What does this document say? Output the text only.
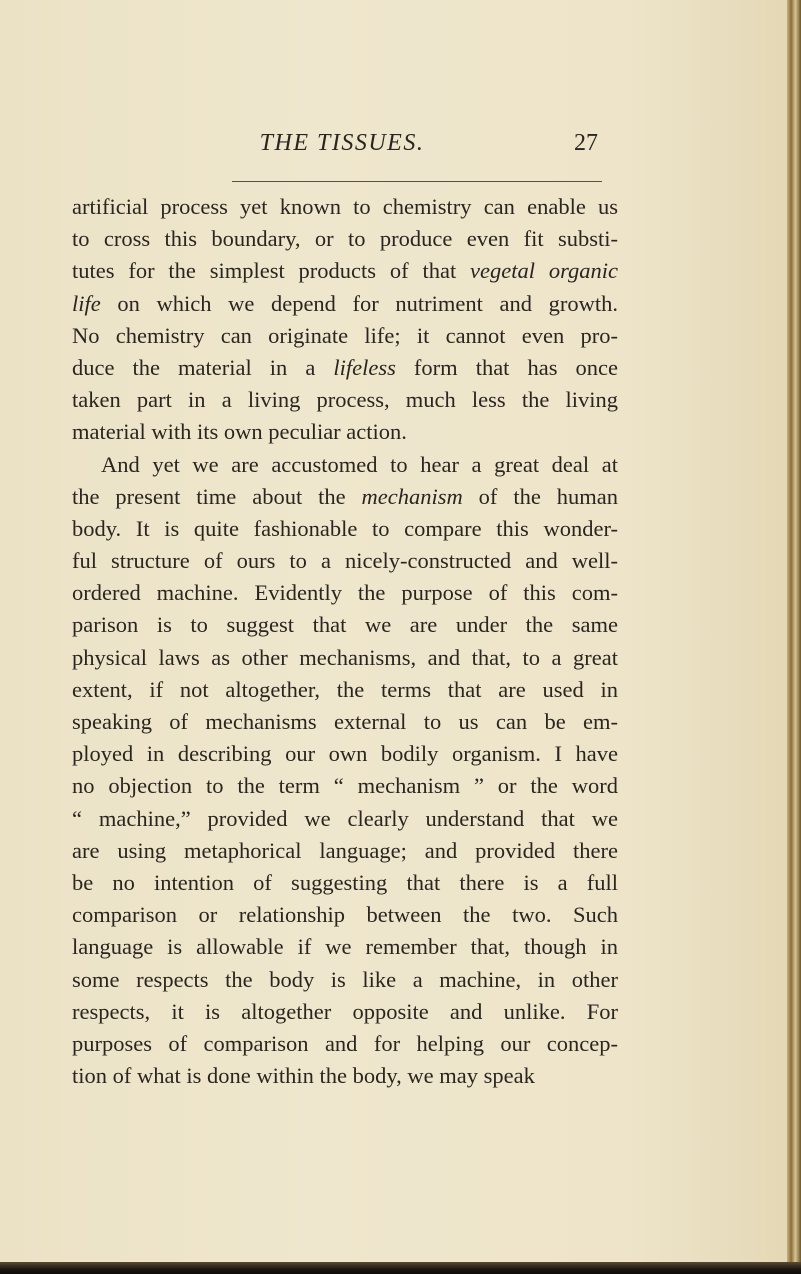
THE TISSUES.	27
artificial process yet known to chemistry can enable us
to cross this boundary, or to produce even fit substi-
tutes for the simplest products of that vegetal organic
life on which we depend for nutriment and growth.
No chemistry can originate life; it cannot even pro-
duce the material in a lifeless form that has once
taken part in a living process, much less the living
material with its own peculiar action.
And yet we are accustomed to hear a great deal at
the present time about the mechanism of the human
body. It is quite fashionable to compare this wonder-
ful structure of ours to a nicely-constructed and well-
ordered machine. Evidently the purpose of this com-
parison is to suggest that we are under the same
physical laws as other mechanisms, and that, to a great
extent, if not altogether, the terms that are used in
speaking of mechanisms external to us can be em-
ployed in describing our own bodily organism. I have
no objection to the term “ mechanism ” or the word
“ machine,” provided we clearly understand that we
are using metaphorical language; and provided there
be no intention of suggesting that there is a full
comparison or relationship between the two. Such
language is allowable if we remember that, though in
some respects the body is like a machine, in other
respects, it is altogether opposite and unlike. For
purposes of comparison and for helping our concep-
tion of what is done within the body, we may speak
